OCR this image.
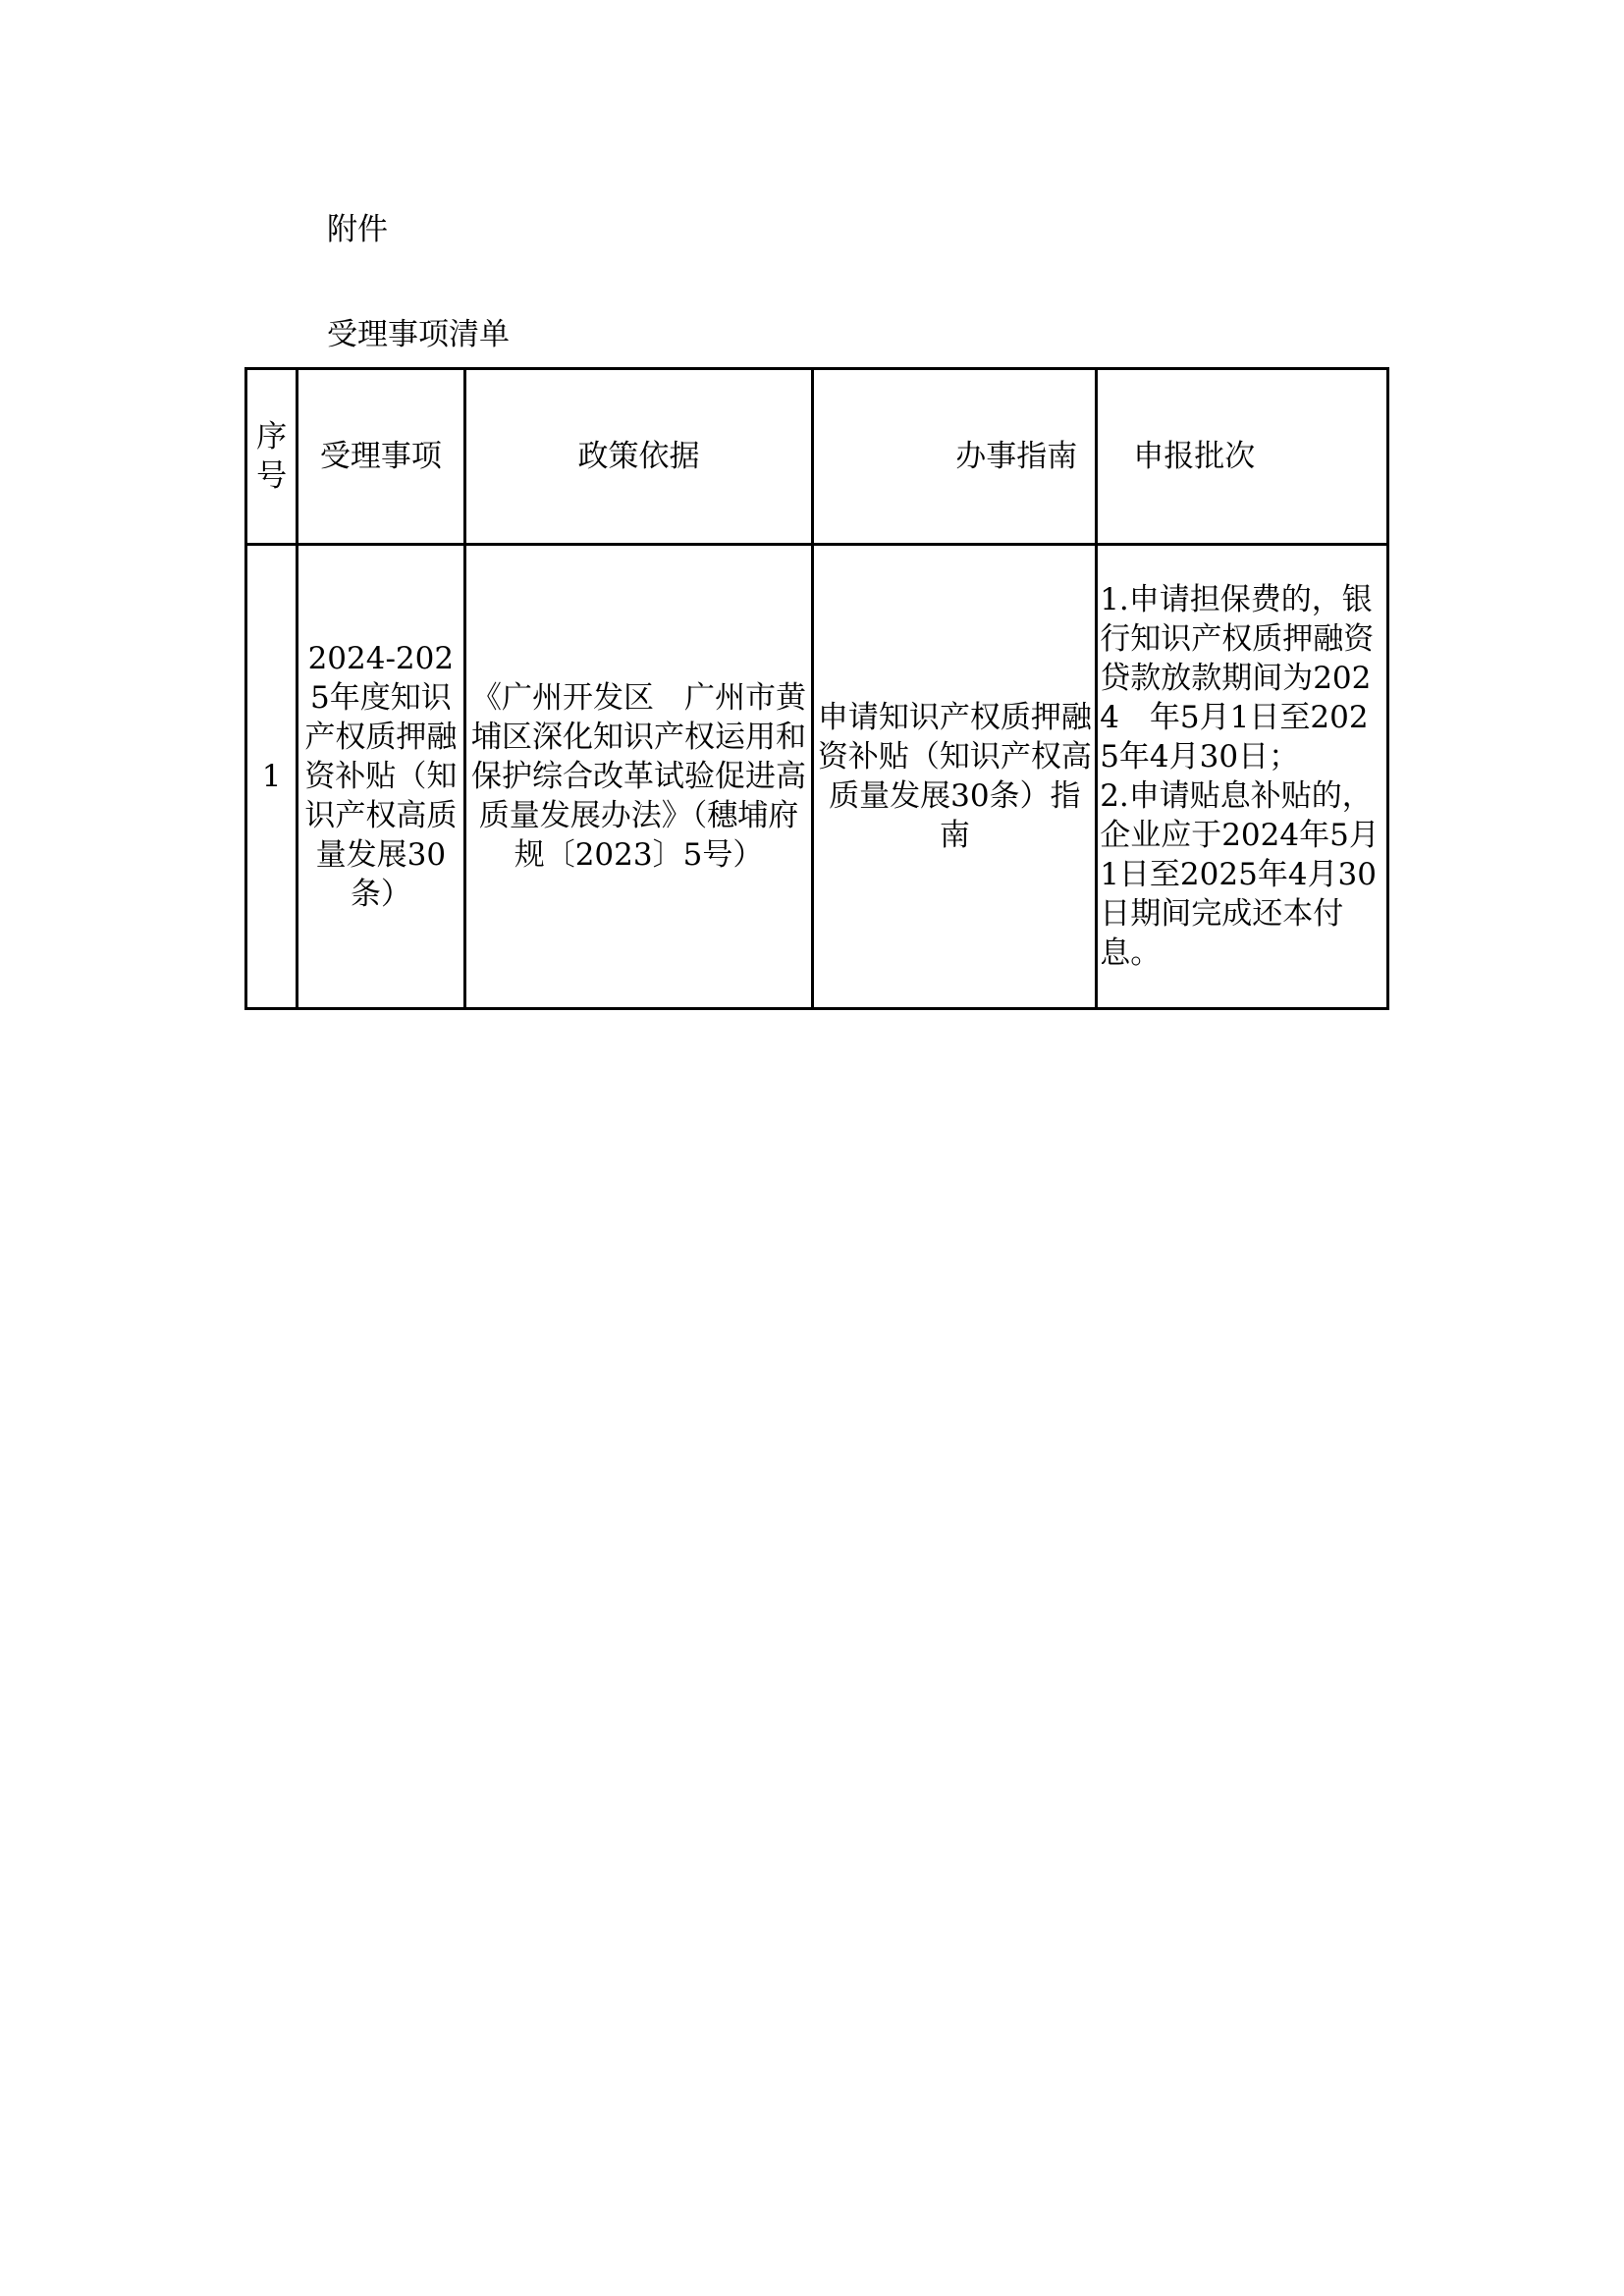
附件
受理事项清单
序号	受理事项	政策依据	办事指南	申报批次
1	2024-2025年度知识产权质押融资补贴（知识产权高质量发展30条）	《广州开发区　广州市黄埔区深化知识产权运用和保护综合改革试验促进高质量发展办法》（穗埔府规〔2023〕5号）	申请知识产权质押融资补贴（知识产权高质量发展30条）指南	1.申请担保费的，银行知识产权质押融资贷款放款期间为2024　年5月1日至2025年4月30日；

2.申请贴息补贴的，企业应于2024年5月1日至2025年4月30日期间完成还本付息。
